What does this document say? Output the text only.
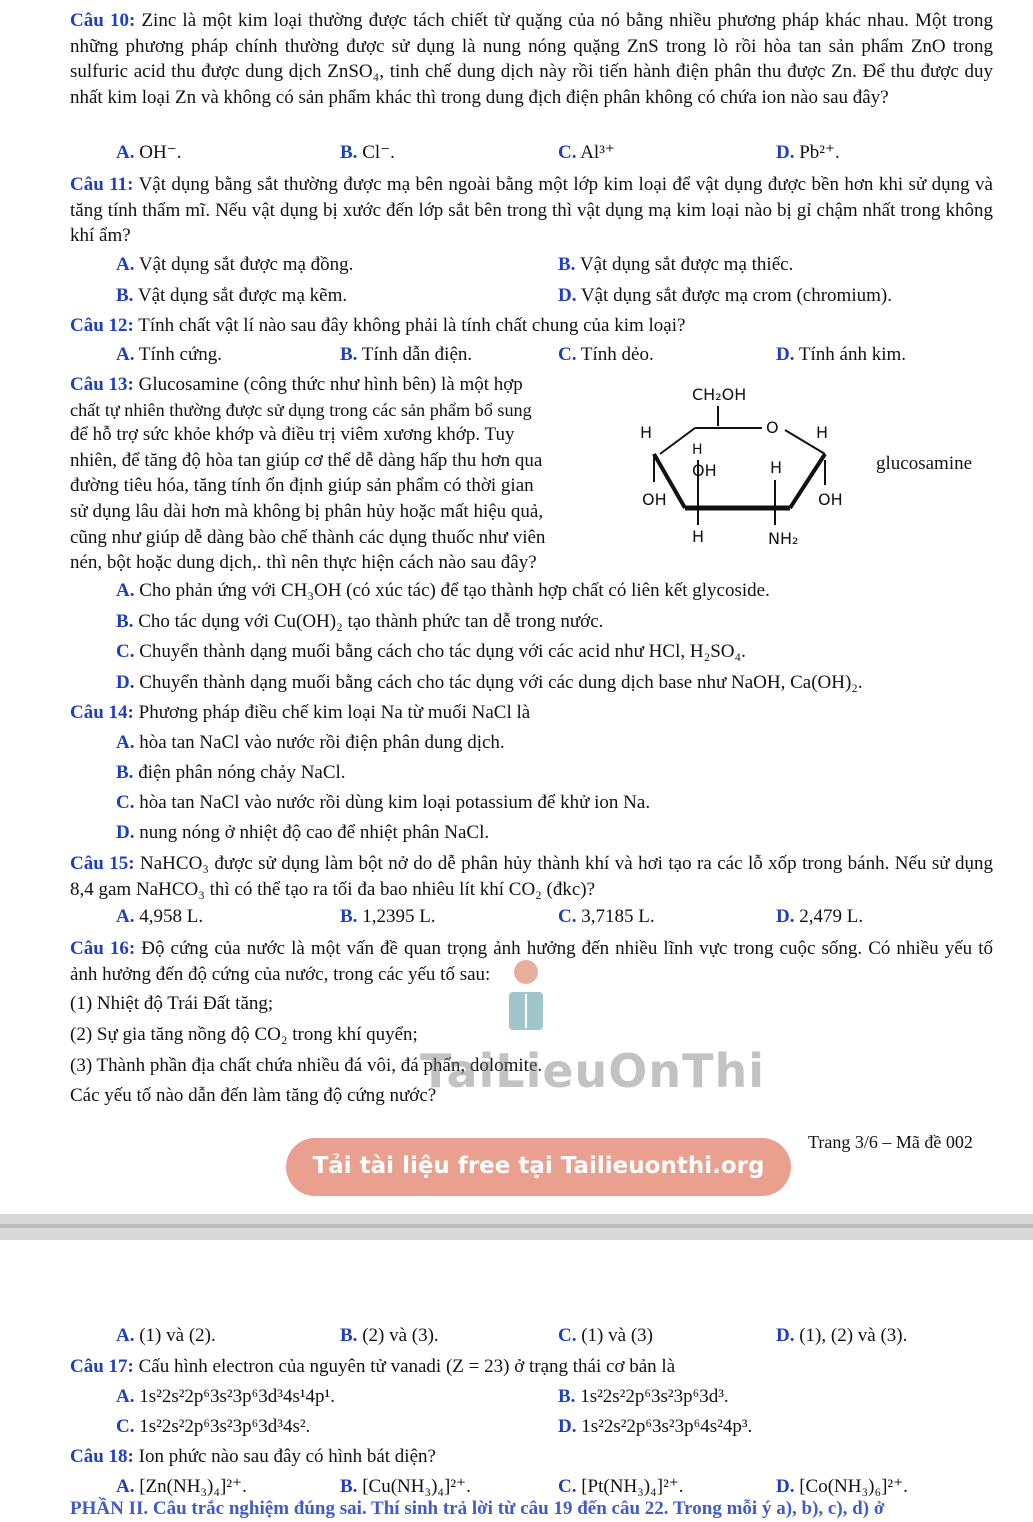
Câu 10: Zinc là một kim loại thường được tách chiết từ quặng của nó bằng nhiều phương pháp khác nhau. Một trong những phương pháp chính thường được sử dụng là nung nóng quặng ZnS trong lò rồi hòa tan sản phẩm ZnO trong sulfuric acid thu được dung dịch ZnSO₄, tinh chế dung dịch này rồi tiến hành điện phân thu được Zn. Để thu được duy nhất kim loại Zn và không có sản phẩm khác thì trong dung địch điện phân không có chứa ion nào sau đây?
A. OH⁻.	B. Cl⁻.	C. Al³⁺	D. Pb²⁺.
Câu 11: Vật dụng bằng sắt thường được mạ bên ngoài bằng một lớp kim loại để vật dụng được bền hơn khi sử dụng và tăng tính thẩm mĩ. Nếu vật dụng bị xước đến lớp sắt bên trong thì vật dụng mạ kim loại nào bị gỉ chậm nhất trong không khí ẩm?
A. Vật dụng sắt được mạ đồng.	B. Vật dụng sắt được mạ thiếc.
B. Vật dụng sắt được mạ kẽm.	D. Vật dụng sắt được mạ crom (chromium).
Câu 12: Tính chất vật lí nào sau đây không phải là tính chất chung của kim loại?
A. Tính cứng.	B. Tính dẫn điện.	C. Tính dẻo.	D. Tính ánh kim.
Câu 13: Glucosamine (công thức như hình bên) là một hợp
chất tự nhiên thường được sử dụng trong các sản phẩm bổ sung
để hỗ trợ sức khỏe khớp và điều trị viêm xương khớp. Tuy
nhiên, để tăng độ hòa tan giúp cơ thể dễ dàng hấp thu hơn qua
đường tiêu hóa, tăng tính ổn định giúp sản phẩm có thời gian
sử dụng lâu dài hơn mà không bị phân hủy hoặc mất hiệu quả,
cũng như giúp dễ dàng bào chế thành các dụng thuốc như viên
nén, bột hoặc dung dịch,. thì nên thực hiện cách nào sau đây?
CH₂OH
O
H	H
H
OH	H
OH
OH
H	NH₂
glucosamine
A. Cho phản ứng với CH₃OH (có xúc tác) để tạo thành hợp chất có liên kết glycoside.
B. Cho tác dụng với Cu(OH)₂ tạo thành phức tan dễ trong nước.
C. Chuyển thành dạng muối bằng cách cho tác dụng với các acid như HCl, H₂SO₄.
D. Chuyển thành dạng muối bằng cách cho tác dụng với các dung dịch base như NaOH, Ca(OH)₂.
Câu 14: Phương pháp điều chế kim loại Na từ muối NaCl là
A. hòa tan NaCl vào nước rồi điện phân dung dịch.
B. điện phân nóng chảy NaCl.
C. hòa tan NaCl vào nước rồi dùng kim loại potassium để khử ion Na.
D. nung nóng ở nhiệt độ cao để nhiệt phân NaCl.
Câu 15: NaHCO₃ được sử dụng làm bột nở do dễ phân hủy thành khí và hơi tạo ra các lỗ xốp trong bánh. Nếu sử dụng 8,4 gam NaHCO₃ thì có thể tạo ra tối đa bao nhiêu lít khí CO₂ (đkc)?
A. 4,958 L.	B. 1,2395 L.	C. 3,7185 L.	D. 2,479 L.
Câu 16: Độ cứng của nước là một vấn đề quan trọng ảnh hưởng đến nhiều lĩnh vực trong cuộc sống. Có nhiều yếu tố ảnh hưởng đến độ cứng của nước, trong các yếu tố sau:
(1) Nhiệt độ Trái Đất tăng;
(2) Sự gia tăng nồng độ CO₂ trong khí quyển;
(3) Thành phần địa chất chứa nhiều đá vôi, đá phấn, dolomite.
Các yếu tố nào dẫn đến làm tăng độ cứng nước?
TaiLieuOnThi
Trang 3/6 – Mã đề 002
Tải tài liệu free tại Tailieuonthi.org
A. (1) và (2).	B. (2) và (3).	C. (1) và (3)	D. (1), (2) và (3).
Câu 17: Cấu hình electron của nguyên tử vanadi (Z = 23) ở trạng thái cơ bản là
A. 1s²2s²2p⁶3s²3p⁶3d³4s¹4p¹.	B. 1s²2s²2p⁶3s²3p⁶3d³.
C. 1s²2s²2p⁶3s²3p⁶3d³4s².	D. 1s²2s²2p⁶3s²3p⁶4s²4p³.
Câu 18: Ion phức nào sau đây có hình bát diện?
A. [Zn(NH₃)₄]²⁺.	B. [Cu(NH₃)₄]²⁺.	C. [Pt(NH₃)₄]²⁺.	D. [Co(NH₃)₆]²⁺.
PHẦN II. Câu trắc nghiệm đúng sai. Thí sinh trả lời từ câu 19 đến câu 22. Trong mỗi ý a), b), c), d) ở
